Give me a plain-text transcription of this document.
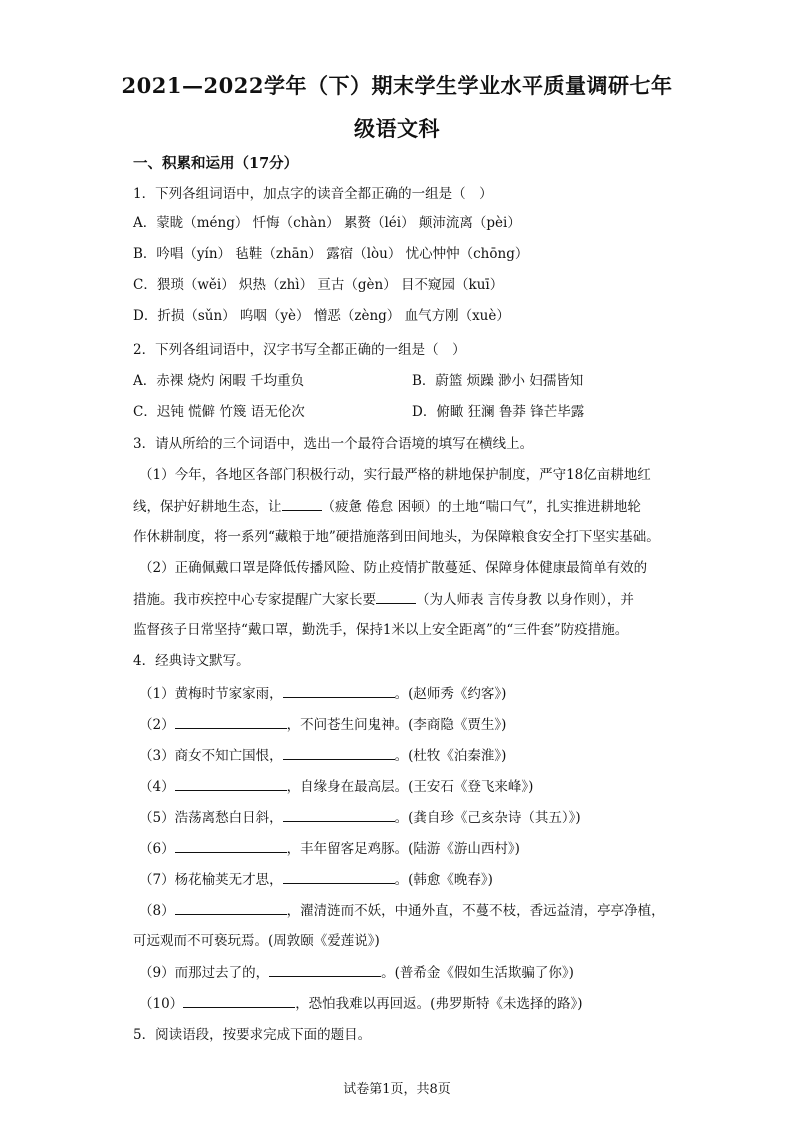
2021—2022学年（下）期末学生学业水平质量调研七年
级语文科
一、积累和运用（17分）
1．下列各组词语中，加点字的读音全都正确的一组是（　）
A．蒙眬（méng） 忏悔（chàn） 累赘（léi） 颠沛流离（pèi）
B．吟唱（yín） 毡鞋（zhān） 露宿（lòu） 忧心忡忡（chōng）
C．猥琐（wěi） 炽热（zhì） 亘古（gèn） 目不窥园（kuī）
D．折损（sǔn） 呜咽（yè） 憎恶（zèng） 血气方刚（xuè）
2．下列各组词语中，汉字书写全都正确的一组是（　）
A．赤裸 烧灼 闲暇 千均重负	B．蔚篮 烦躁 渺小 妇孺皆知
C．迟钝 慌僻 竹篾 语无伦次	D．俯瞰 狂澜 鲁莽 锋芒毕露
3．请从所给的三个词语中，选出一个最符合语境的填写在横线上。
（1）今年，各地区各部门积极行动，实行最严格的耕地保护制度，严守18亿亩耕地红
线，保护好耕地生态，让	（疲惫 倦怠 困顿）的土地“喘口气”，扎实推进耕地轮
作休耕制度，将一系列“藏粮于地”硬措施落到田间地头，为保障粮食安全打下坚实基础。
（2）正确佩戴口罩是降低传播风险、防止疫情扩散蔓延、保障身体健康最简单有效的
措施。我市疾控中心专家提醒广大家长要	（为人师表 言传身教 以身作则），并
监督孩子日常坚持“戴口罩，勤洗手，保持1米以上安全距离”的“三件套”防疫措施。
4．经典诗文默写。
（1）黄梅时节家家雨，	。(赵师秀《约客》)
（2）	，不问苍生问鬼神。(李商隐《贾生》)
（3）商女不知亡国恨，	。(杜牧《泊秦淮》)
（4）	，自缘身在最高层。(王安石《登飞来峰》)
（5）浩荡离愁白日斜，	。(龚自珍《己亥杂诗（其五）》)
（6）	，丰年留客足鸡豚。(陆游《游山西村》)
（7）杨花榆荚无才思，	。(韩愈《晚春》)
（8）	，濯清涟而不妖，中通外直，不蔓不枝，香远益清，亭亭净植，
可远观而不可亵玩焉。(周敦颐《爱莲说》)
（9）而那过去了的，	。(普希金《假如生活欺骗了你》)
（10）	，恐怕我难以再回返。(弗罗斯特《未选择的路》)
5．阅读语段，按要求完成下面的题目。
试卷第1页，共8页
